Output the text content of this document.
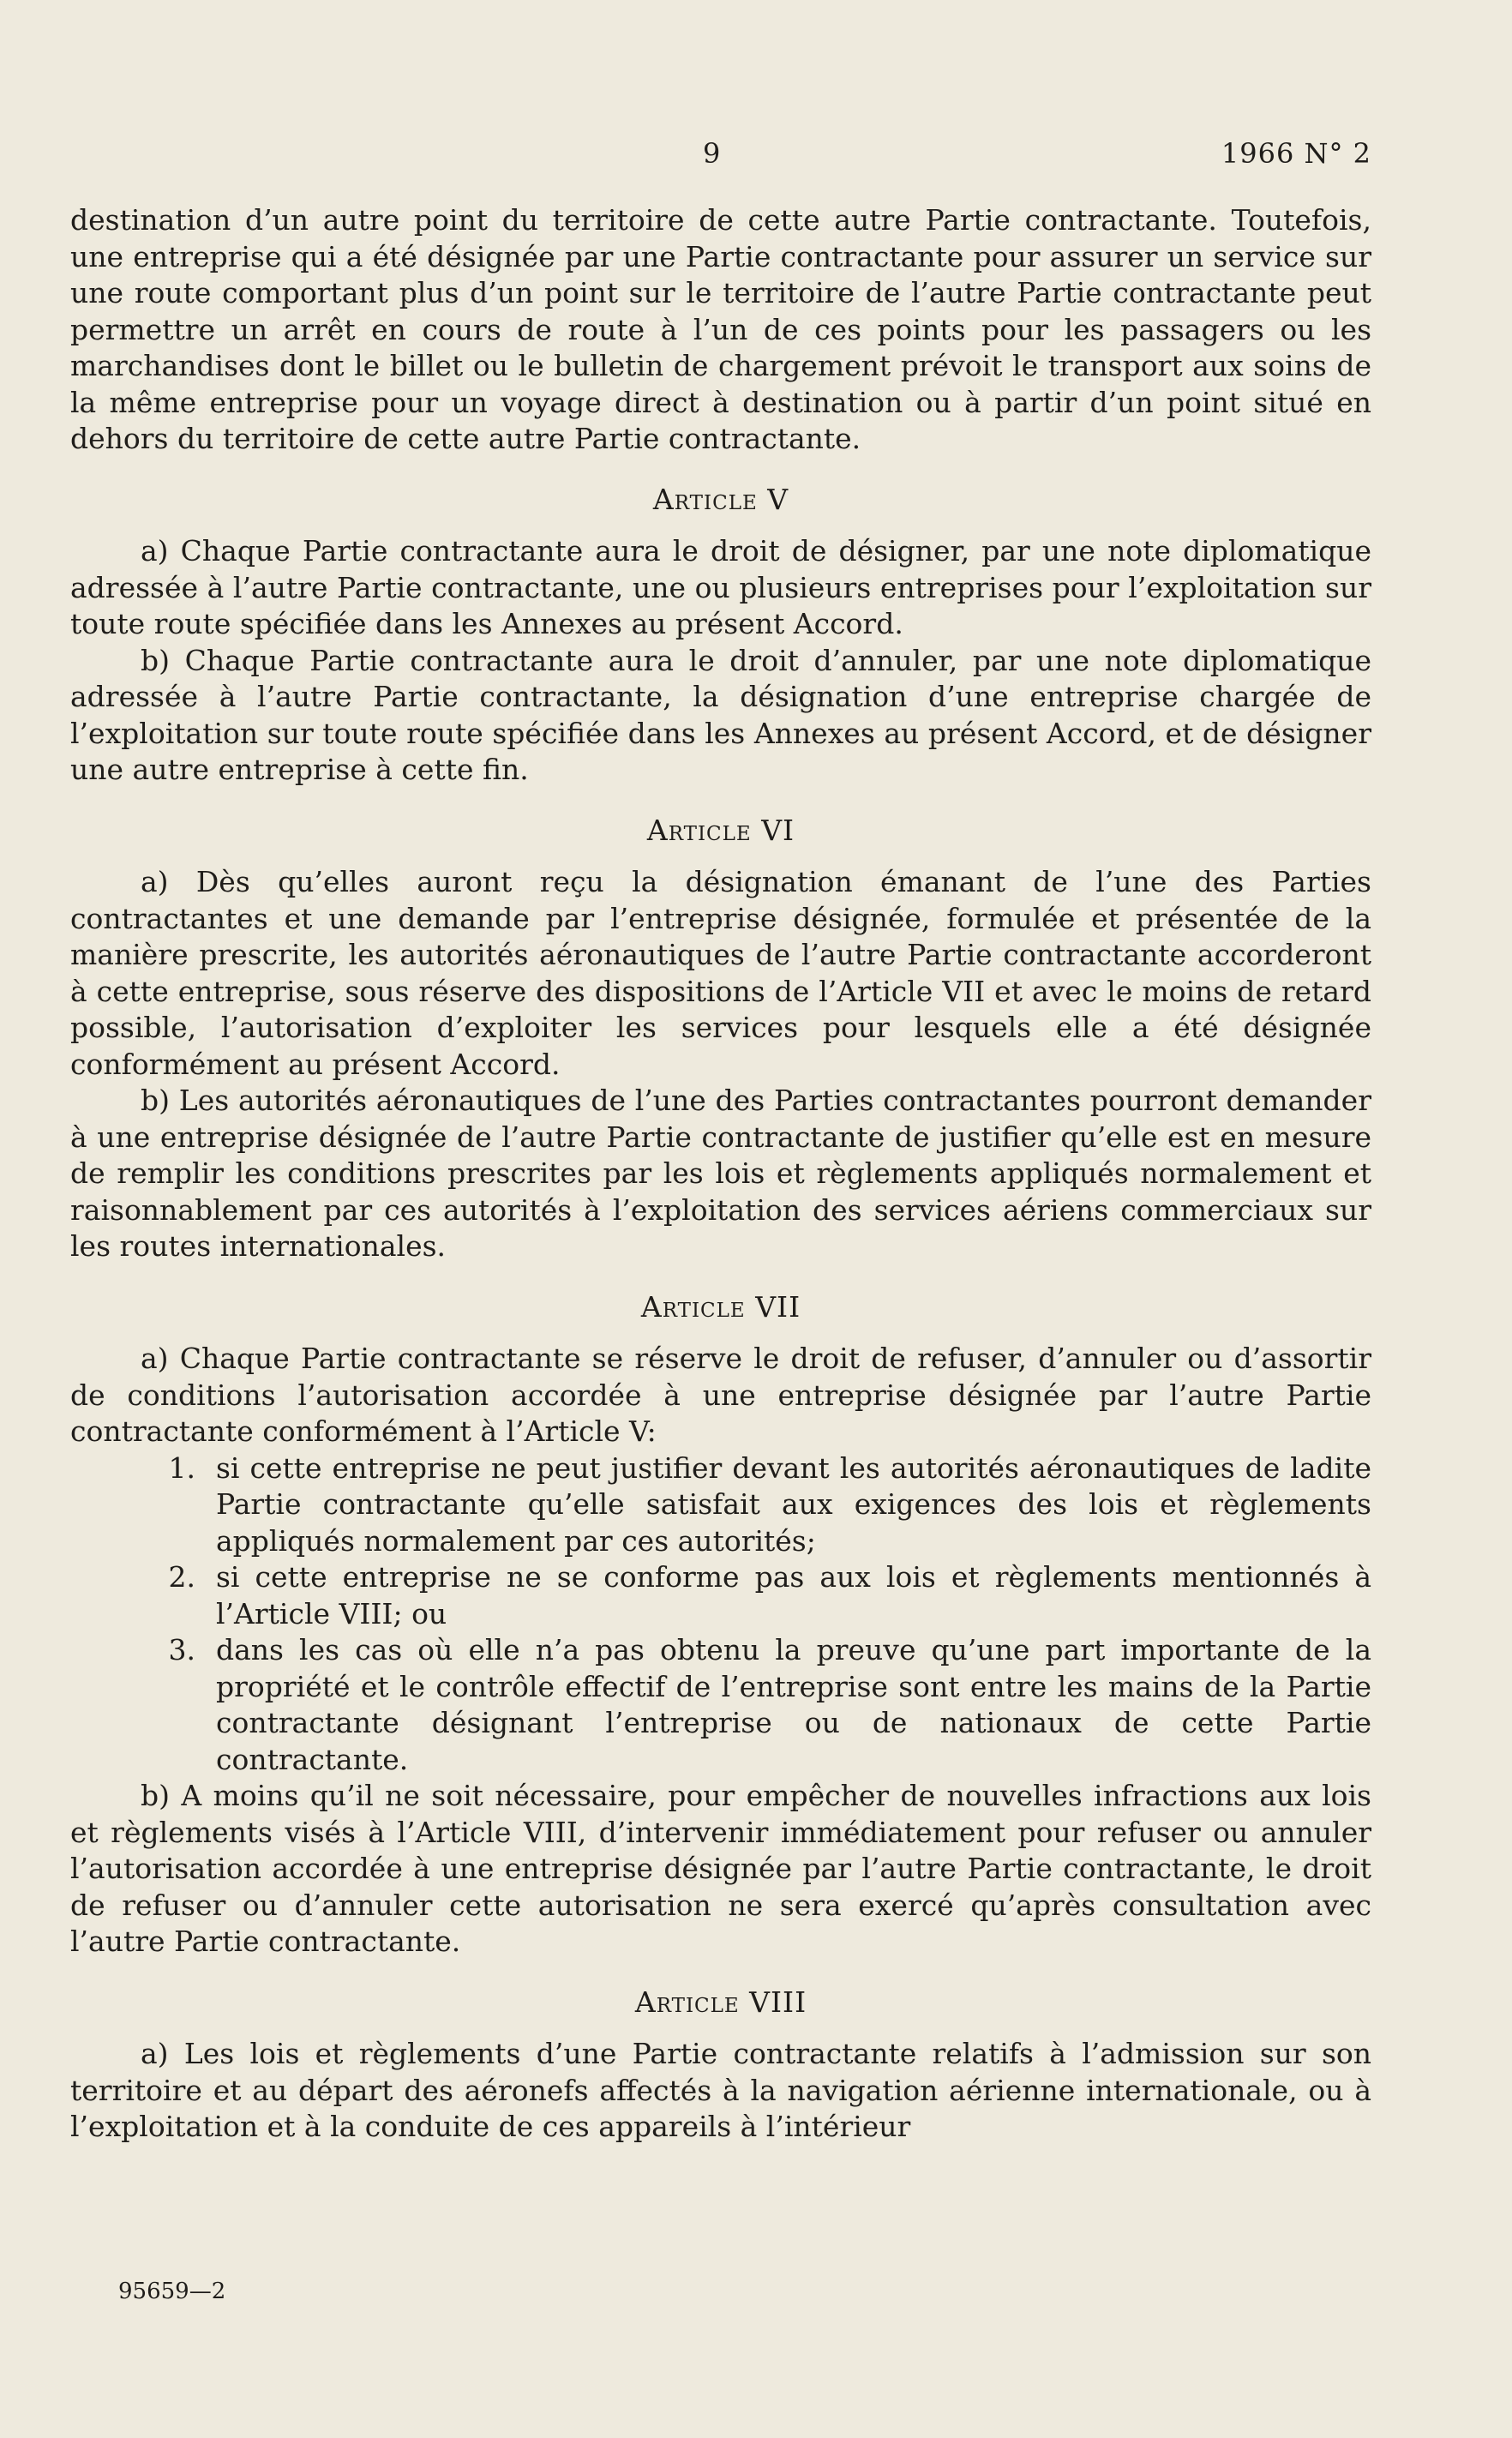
9	1966 N° 2

destination d’un autre point du territoire de cette autre Partie contractante. Toutefois, une entreprise qui a été désignée par une Partie contractante pour assurer un service sur une route comportant plus d’un point sur le territoire de l’autre Partie contractante peut permettre un arrêt en cours de route à l’un de ces points pour les passagers ou les marchandises dont le billet ou le bulletin de chargement prévoit le transport aux soins de la même entreprise pour un voyage direct à destination ou à partir d’un point situé en dehors du territoire de cette autre Partie contractante.

Article V

a) Chaque Partie contractante aura le droit de désigner, par une note diplomatique adressée à l’autre Partie contractante, une ou plusieurs entreprises pour l’exploitation sur toute route spécifiée dans les Annexes au présent Accord.

b) Chaque Partie contractante aura le droit d’annuler, par une note diplomatique adressée à l’autre Partie contractante, la désignation d’une entreprise chargée de l’exploitation sur toute route spécifiée dans les Annexes au présent Accord, et de désigner une autre entreprise à cette fin.

Article VI

a) Dès qu’elles auront reçu la désignation émanant de l’une des Parties contractantes et une demande par l’entreprise désignée, formulée et présentée de la manière prescrite, les autorités aéronautiques de l’autre Partie contractante accorderont à cette entreprise, sous réserve des dispositions de l’Article VII et avec le moins de retard possible, l’autorisation d’exploiter les services pour lesquels elle a été désignée conformément au présent Accord.

b) Les autorités aéronautiques de l’une des Parties contractantes pourront demander à une entreprise désignée de l’autre Partie contractante de justifier qu’elle est en mesure de remplir les conditions prescrites par les lois et règlements appliqués normalement et raisonnablement par ces autorités à l’exploitation des services aériens commerciaux sur les routes internationales.

Article VII

a) Chaque Partie contractante se réserve le droit de refuser, d’annuler ou d’assortir de conditions l’autorisation accordée à une entreprise désignée par l’autre Partie contractante conformément à l’Article V:

1. si cette entreprise ne peut justifier devant les autorités aéronautiques de ladite Partie contractante qu’elle satisfait aux exigences des lois et règlements appliqués normalement par ces autorités;
2. si cette entreprise ne se conforme pas aux lois et règlements mentionnés à l’Article VIII; ou
3. dans les cas où elle n’a pas obtenu la preuve qu’une part importante de la propriété et le contrôle effectif de l’entreprise sont entre les mains de la Partie contractante désignant l’entreprise ou de nationaux de cette Partie contractante.

b) A moins qu’il ne soit nécessaire, pour empêcher de nouvelles infractions aux lois et règlements visés à l’Article VIII, d’intervenir immédiatement pour refuser ou annuler l’autorisation accordée à une entreprise désignée par l’autre Partie contractante, le droit de refuser ou d’annuler cette autorisation ne sera exercé qu’après consultation avec l’autre Partie contractante.

Article VIII

a) Les lois et règlements d’une Partie contractante relatifs à l’admission sur son territoire et au départ des aéronefs affectés à la navigation aérienne internationale, ou à l’exploitation et à la conduite de ces appareils à l’intérieur

95659—2
